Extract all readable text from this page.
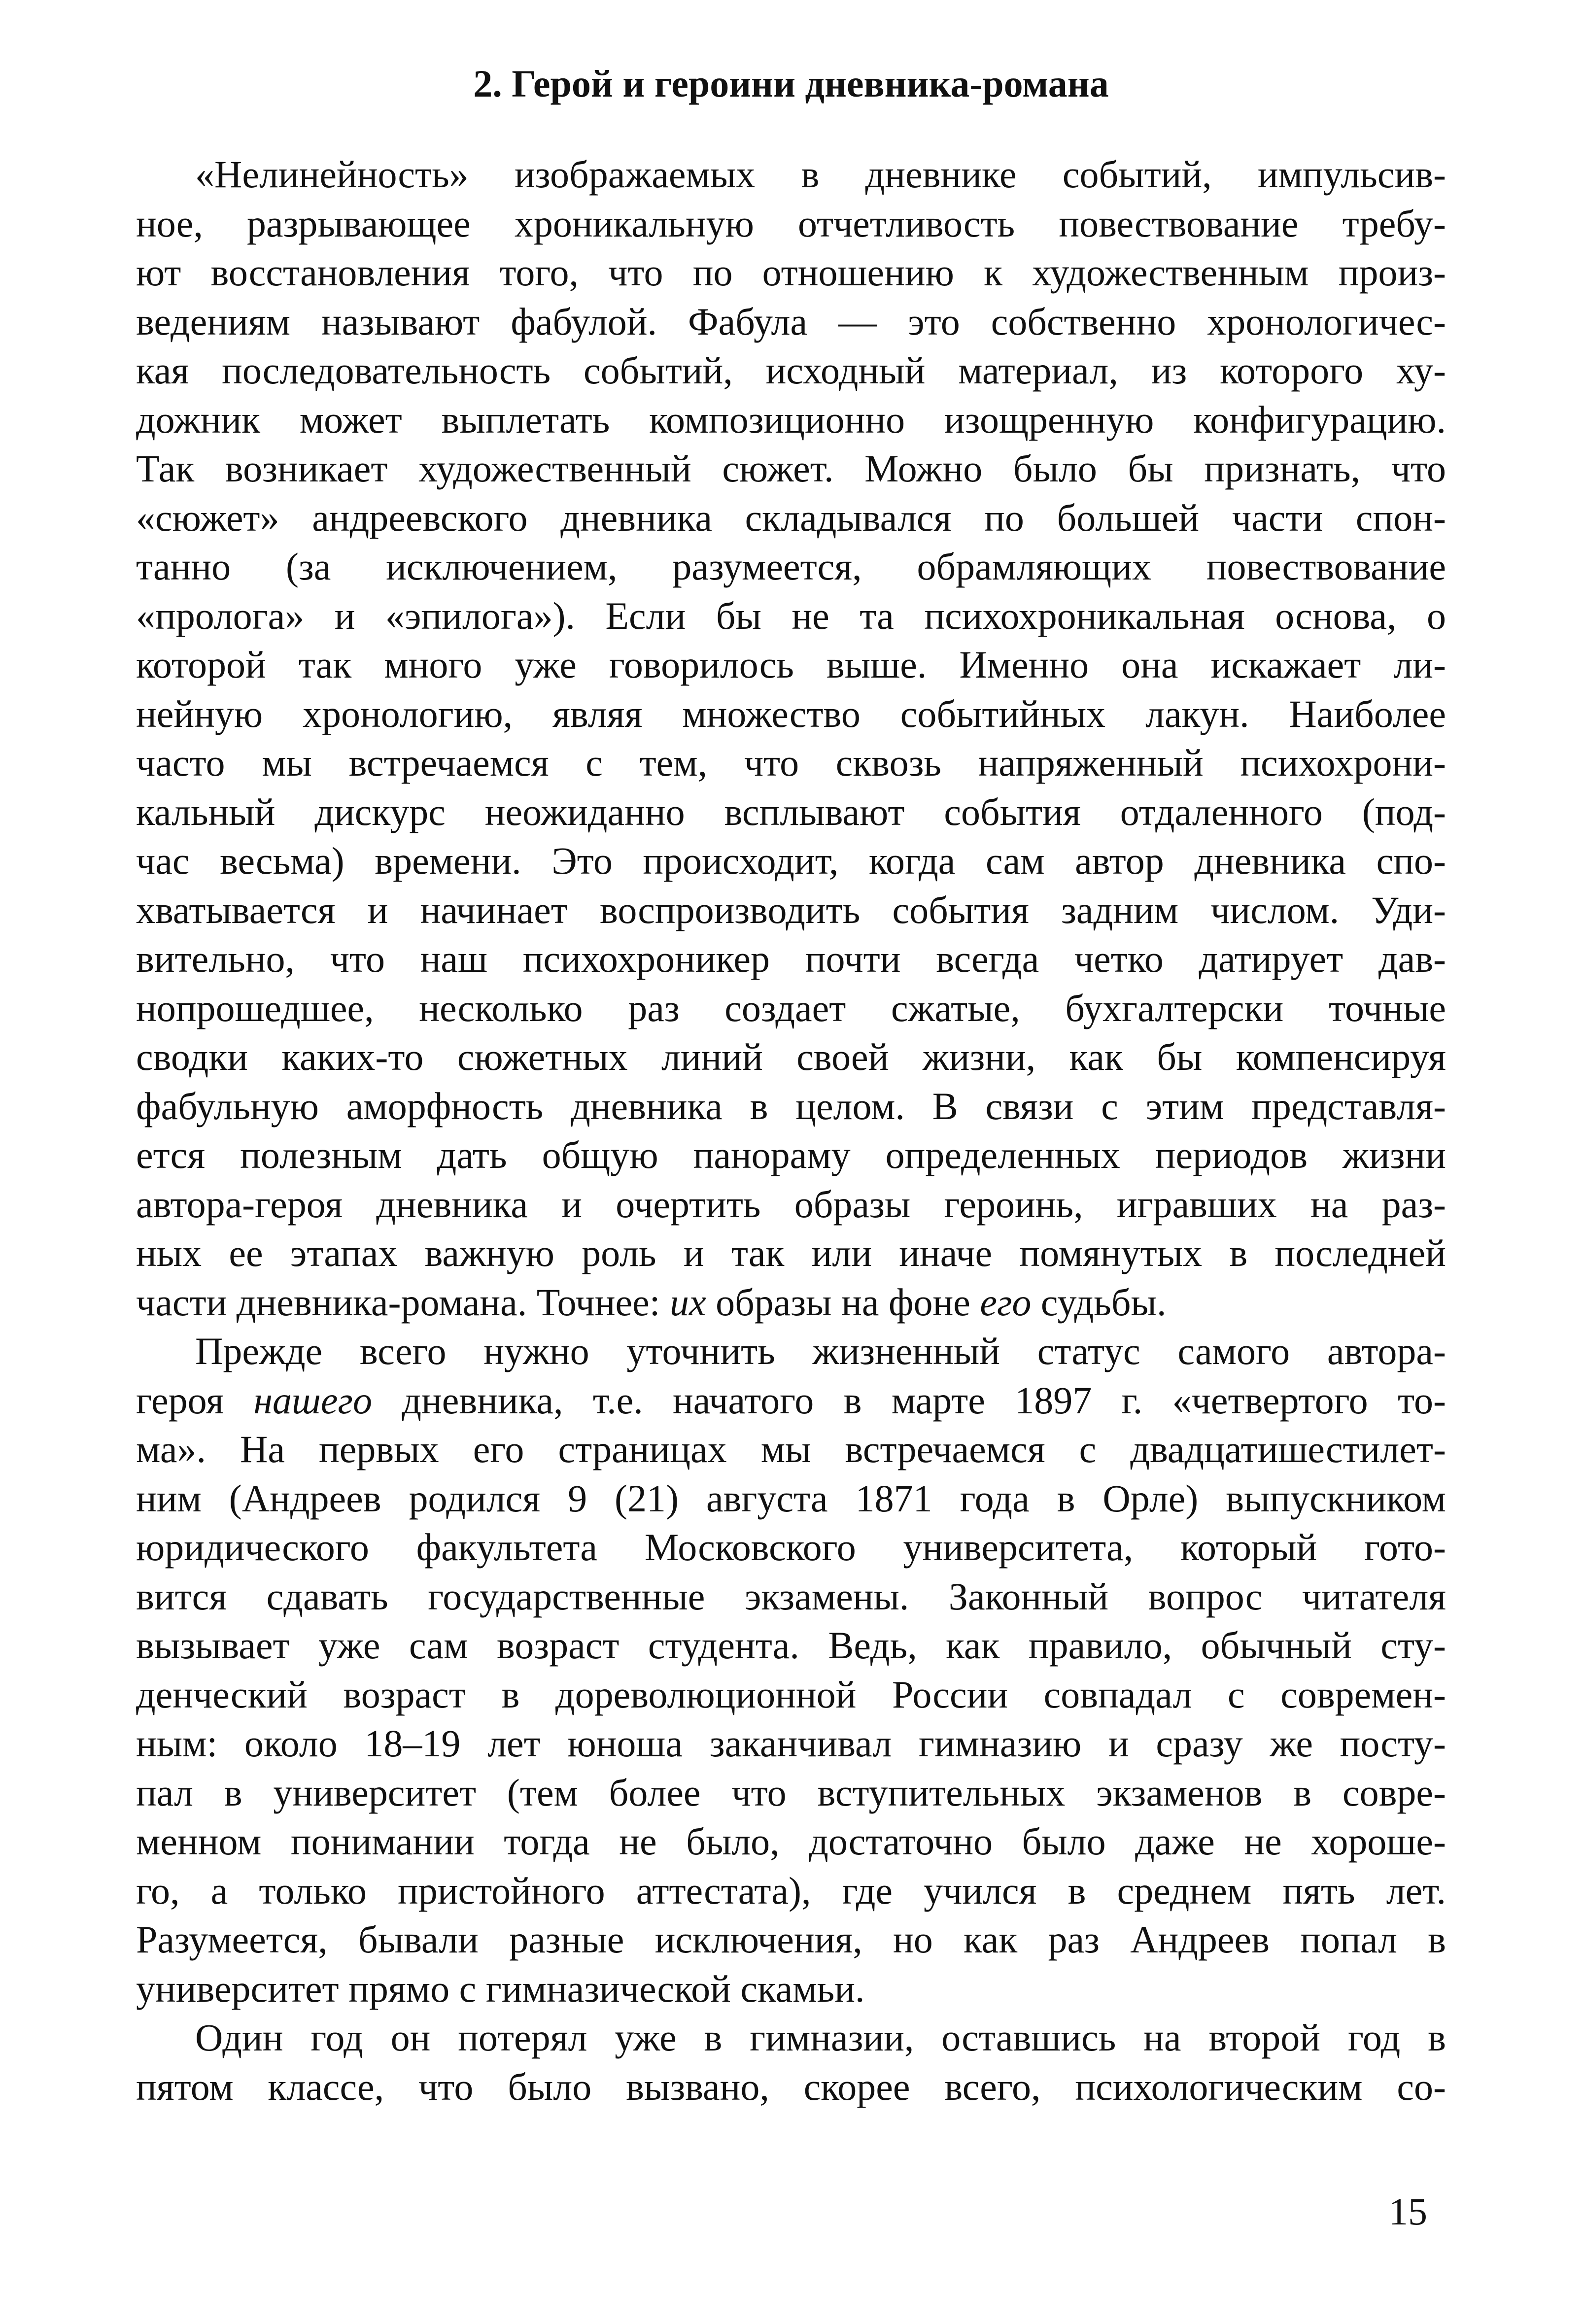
2. Герой и героини дневника-романа

«Нелинейность» изображаемых в дневнике событий, импульсив-
ное, разрывающее хроникальную отчетливость повествование требу-
ют восстановления того, что по отношению к художественным произ-
ведениям называют фабулой. Фабула — это собственно хронологичес-
кая последовательность событий, исходный материал, из которого ху-
дожник может выплетать композиционно изощренную конфигурацию.
Так возникает художественный сюжет. Можно было бы признать, что
«сюжет» андреевского дневника складывался по большей части спон-
танно (за исключением, разумеется, обрамляющих повествование
«пролога» и «эпилога»). Если бы не та психохроникальная основа, о
которой так много уже говорилось выше. Именно она искажает ли-
нейную хронологию, являя множество событийных лакун. Наиболее
часто мы встречаемся с тем, что сквозь напряженный психохрони-
кальный дискурс неожиданно всплывают события отдаленного (под-
час весьма) времени. Это происходит, когда сам автор дневника спо-
хватывается и начинает воспроизводить события задним числом. Уди-
вительно, что наш психохроникер почти всегда четко датирует дав-
нопрошедшее, несколько раз создает сжатые, бухгалтерски точные
сводки каких-то сюжетных линий своей жизни, как бы компенсируя
фабульную аморфность дневника в целом. В связи с этим представля-
ется полезным дать общую панораму определенных периодов жизни
автора-героя дневника и очертить образы героинь, игравших на раз-
ных ее этапах важную роль и так или иначе помянутых в последней
части дневника-романа. Точнее: их образы на фоне его судьбы.

Прежде всего нужно уточнить жизненный статус самого автора-
героя нашего дневника, т.е. начатого в марте 1897 г. «четвертого то-
ма». На первых его страницах мы встречаемся с двадцатишестилет-
ним (Андреев родился 9 (21) августа 1871 года в Орле) выпускником
юридического факультета Московского университета, который гото-
вится сдавать государственные экзамены. Законный вопрос читателя
вызывает уже сам возраст студента. Ведь, как правило, обычный сту-
денческий возраст в дореволюционной России совпадал с современ-
ным: около 18–19 лет юноша заканчивал гимназию и сразу же посту-
пал в университет (тем более что вступительных экзаменов в совре-
менном понимании тогда не было, достаточно было даже не хороше-
го, а только пристойного аттестата), где учился в среднем пять лет.
Разумеется, бывали разные исключения, но как раз Андреев попал в
университет прямо с гимназической скамьи.

Один год он потерял уже в гимназии, оставшись на второй год в
пятом классе, что было вызвано, скорее всего, психологическим со-

15
